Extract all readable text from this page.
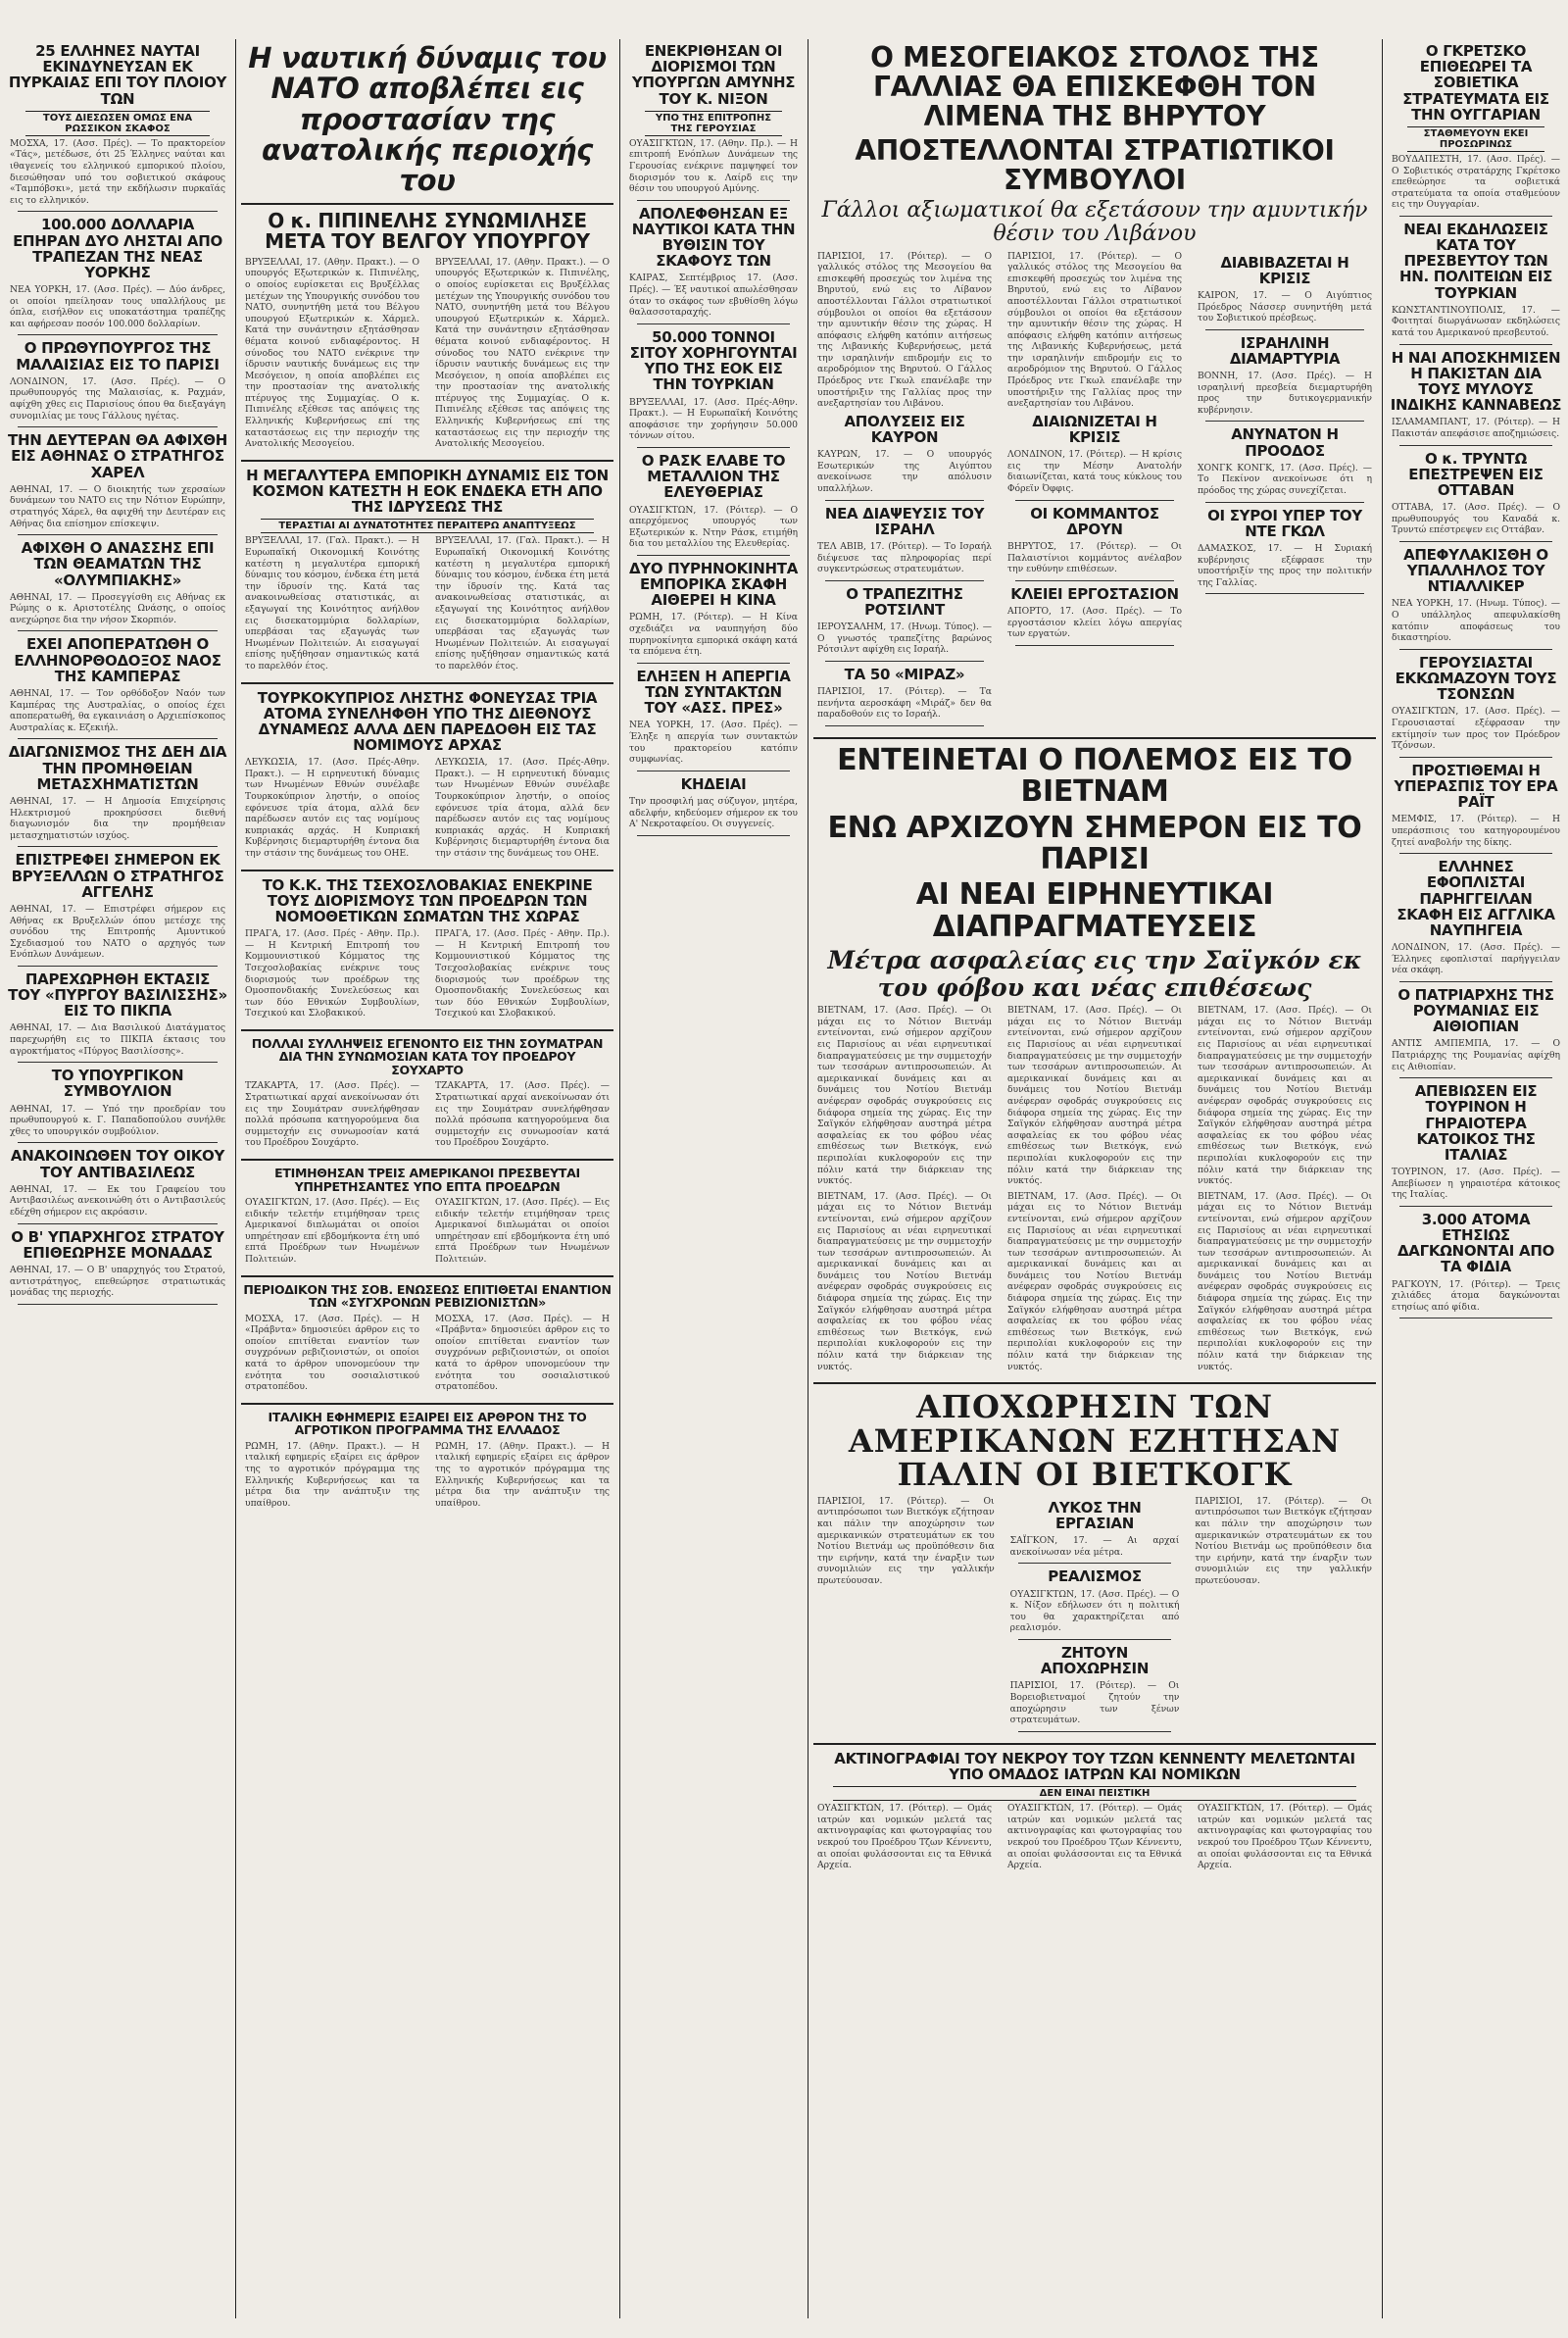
25 ΕΛΛΗΝΕΣ ΝΑΥΤΑΙ ΕΚΙΝΔΥΝΕΥΣΑΝ ΕΚ ΠΥΡΚΑΙΑΣ ΕΠΙ ΤΟΥ ΠΛΟΙΟΥ ΤΩΝ
ΤΟΥΣ ΔΙΕΣΩΣΕΝ ΟΜΩΣ ΕΝΑ ΡΩΣΣΙΚΟΝ ΣΚΑΦΟΣ
ΜΟΣΧΑ, 17. (Ασσ. Πρές). — Το πρακτορείον «Τάς», μετέδωσε, ότι 25 Έλληνες ναύται και ιθαγενείς του ελληνικού εμπορικού πλοίου, διεσώθησαν υπό του σοβιετικού σκάφους «Ταμπόβσκι», μετά την εκδήλωσιν πυρκαϊάς εις το ελληνικόν.
100.000 ΔΟΛΛΑΡΙΑ ΕΠΗΡΑΝ ΔΥΟ ΛΗΣΤΑΙ ΑΠΟ ΤΡΑΠΕΖΑΝ ΤΗΣ ΝΕΑΣ ΥΟΡΚΗΣ
ΝΕΑ ΥΟΡΚΗ, 17. (Ασσ. Πρές). — Δύο άνδρες, οι οποίοι ηπείλησαν τους υπαλλήλους με όπλα, εισήλθον εις υποκατάστημα τραπέζης και αφήρεσαν ποσόν 100.000 δολλαρίων.
Ο ΠΡΩΘΥΠΟΥΡΓΟΣ ΤΗΣ ΜΑΛΑΙΣΙΑΣ ΕΙΣ ΤΟ ΠΑΡΙΣΙ
ΛΟΝΔΙΝΟΝ, 17. (Ασσ. Πρές). — Ο πρωθυπουργός της Μαλαισίας, κ. Ραχμάν, αφίχθη χθες εις Παρισίους όπου θα διεξαγάγη συνομιλίας με τους Γάλλους ηγέτας.
ΤΗΝ ΔΕΥΤΕΡΑΝ ΘΑ ΑΦΙΧΘΗ ΕΙΣ ΑΘΗΝΑΣ Ο ΣΤΡΑΤΗΓΟΣ ΧΑΡΕΛ
ΑΘΗΝΑΙ, 17. — Ο διοικητής των χερσαίων δυνάμεων του ΝΑΤΟ εις την Νότιον Ευρώπην, στρατηγός Χάρελ, θα αφιχθή την Δευτέραν εις Αθήνας δια επίσημον επίσκεψιν.
ΑΦΙΧΘΗ Ο ΑΝΑΣΣΗΣ ΕΠΙ ΤΩΝ ΘΕΑΜΑΤΩΝ ΤΗΣ «ΟΛΥΜΠΙΑΚΗΣ»
ΑΘΗΝΑΙ, 17. — Προσεγγίσθη εις Αθήνας εκ Ρώμης ο κ. Αριστοτέλης Ωνάσης, ο οποίος ανεχώρησε δια την νήσον Σκορπιόν.
ΕΧΕΙ ΑΠΟΠΕΡΑΤΩΘΗ Ο ΕΛΛΗΝΟΡΘΟΔΟΞΟΣ ΝΑΟΣ ΤΗΣ ΚΑΜΠΕΡΑΣ
ΑΘΗΝΑΙ, 17. — Τον ορθόδοξον Ναόν των Καμπέρας της Αυστραλίας, ο οποίος έχει αποπερατωθή, θα εγκαινιάση ο Αρχιεπίσκοπος Αυστραλίας κ. Εζεκιήλ.
ΔΙΑΓΩΝΙΣΜΟΣ ΤΗΣ ΔΕΗ ΔΙΑ ΤΗΝ ΠΡΟΜΗΘΕΙΑΝ ΜΕΤΑΣΧΗΜΑΤΙΣΤΩΝ
ΑΘΗΝΑΙ, 17. — Η Δημοσία Επιχείρησις Ηλεκτρισμού προκηρύσσει διεθνή διαγωνισμόν δια την προμήθειαν μετασχηματιστών ισχύος.
ΕΠΙΣΤΡΕΦΕΙ ΣΗΜΕΡΟΝ ΕΚ ΒΡΥΞΕΛΛΩΝ Ο ΣΤΡΑΤΗΓΟΣ ΑΓΓΕΛΗΣ
ΑΘΗΝΑΙ, 17. — Επιστρέφει σήμερον εις Αθήνας εκ Βρυξελλών όπου μετέσχε της συνόδου της Επιτροπής Αμυντικού Σχεδιασμού του ΝΑΤΟ ο αρχηγός των Ενόπλων Δυνάμεων.
ΠΑΡΕΧΩΡΗΘΗ ΕΚΤΑΣΙΣ ΤΟΥ «ΠΥΡΓΟΥ ΒΑΣΙΛΙΣΣΗΣ» ΕΙΣ ΤΟ ΠΙΚΠΑ
ΑΘΗΝΑΙ, 17. — Δια Βασιλικού Διατάγματος παρεχωρήθη εις το ΠΙΚΠΑ έκτασις του αγροκτήματος «Πύργος Βασιλίσσης».
ΤΟ ΥΠΟΥΡΓΙΚΟΝ ΣΥΜΒΟΥΛΙΟΝ
ΑΘΗΝΑΙ, 17. — Υπό την προεδρίαν του πρωθυπουργού κ. Γ. Παπαδοπούλου συνήλθε χθες το υπουργικόν συμβούλιον.
ΑΝΑΚΟΙΝΩΘΕΝ ΤΟΥ ΟΙΚΟΥ ΤΟΥ ΑΝΤΙΒΑΣΙΛΕΩΣ
ΑΘΗΝΑΙ, 17. — Εκ του Γραφείου του Αντιβασιλέως ανεκοινώθη ότι ο Αντιβασιλεύς εδέχθη σήμερον εις ακρόασιν.
Ο Β' ΥΠΑΡΧΗΓΟΣ ΣΤΡΑΤΟΥ ΕΠΙΘΕΩΡΗΣΕ ΜΟΝΑΔΑΣ
ΑΘΗΝΑΙ, 17. — Ο Β' υπαρχηγός του Στρατού, αντιστράτηγος, επεθεώρησε στρατιωτικάς μονάδας της περιοχής.
Η ναυτική δύναμις του ΝΑΤΟ αποβλέπει εις προστασίαν της ανατολικής περιοχής του
Ο κ. ΠΙΠΙΝΕΛΗΣ ΣΥΝΩΜΙΛΗΣΕ ΜΕΤΑ ΤΟΥ ΒΕΛΓΟΥ ΥΠΟΥΡΓΟΥ
ΒΡΥΞΕΛΛΑΙ, 17. (Αθην. Πρακτ.). — Ο υπουργός Εξωτερικών κ. Πιπινέλης, ο οποίος ευρίσκεται εις Βρυξέλλας μετέχων της Υπουργικής συνόδου του ΝΑΤΟ, συνηντήθη μετά του Βέλγου υπουργού Εξωτερικών κ. Χάρμελ. Κατά την συνάντησιν εξητάσθησαν θέματα κοινού ενδιαφέροντος. Η σύνοδος του ΝΑΤΟ ενέκρινε την ίδρυσιν ναυτικής δυνάμεως εις την Μεσόγειον, η οποία αποβλέπει εις την προστασίαν της ανατολικής πτέρυγος της Συμμαχίας. Ο κ. Πιπινέλης εξέθεσε τας απόψεις της Ελληνικής Κυβερνήσεως επί της καταστάσεως εις την περιοχήν της Ανατολικής Μεσογείου.
ΒΡΥΞΕΛΛΑΙ, 17. (Αθην. Πρακτ.). — Ο υπουργός Εξωτερικών κ. Πιπινέλης, ο οποίος ευρίσκεται εις Βρυξέλλας μετέχων της Υπουργικής συνόδου του ΝΑΤΟ, συνηντήθη μετά του Βέλγου υπουργού Εξωτερικών κ. Χάρμελ. Κατά την συνάντησιν εξητάσθησαν θέματα κοινού ενδιαφέροντος. Η σύνοδος του ΝΑΤΟ ενέκρινε την ίδρυσιν ναυτικής δυνάμεως εις την Μεσόγειον, η οποία αποβλέπει εις την προστασίαν της ανατολικής πτέρυγος της Συμμαχίας. Ο κ. Πιπινέλης εξέθεσε τας απόψεις της Ελληνικής Κυβερνήσεως επί της καταστάσεως εις την περιοχήν της Ανατολικής Μεσογείου.
Η ΜΕΓΑΛΥΤΕΡΑ ΕΜΠΟΡΙΚΗ ΔΥΝΑΜΙΣ ΕΙΣ ΤΟΝ ΚΟΣΜΟΝ ΚΑΤΕΣΤΗ Η ΕΟΚ ΕΝΔΕΚΑ ΕΤΗ ΑΠΟ ΤΗΣ ΙΔΡΥΣΕΩΣ ΤΗΣ
ΤΕΡΑΣΤΙΑΙ ΑΙ ΔΥΝΑΤΟΤΗΤΕΣ ΠΕΡΑΙΤΕΡΩ ΑΝΑΠΤΥΞΕΩΣ
ΒΡΥΞΕΛΛΑΙ, 17. (Γαλ. Πρακτ.). — Η Ευρωπαϊκή Οικονομική Κοινότης κατέστη η μεγαλυτέρα εμπορική δύναμις του κόσμου, ένδεκα έτη μετά την ίδρυσίν της. Κατά τας ανακοινωθείσας στατιστικάς, αι εξαγωγαί της Κοινότητος ανήλθον εις δισεκατομμύρια δολλαρίων, υπερβάσαι τας εξαγωγάς των Ηνωμένων Πολιτειών. Αι εισαγωγαί επίσης ηυξήθησαν σημαντικώς κατά το παρελθόν έτος.
ΒΡΥΞΕΛΛΑΙ, 17. (Γαλ. Πρακτ.). — Η Ευρωπαϊκή Οικονομική Κοινότης κατέστη η μεγαλυτέρα εμπορική δύναμις του κόσμου, ένδεκα έτη μετά την ίδρυσίν της. Κατά τας ανακοινωθείσας στατιστικάς, αι εξαγωγαί της Κοινότητος ανήλθον εις δισεκατομμύρια δολλαρίων, υπερβάσαι τας εξαγωγάς των Ηνωμένων Πολιτειών. Αι εισαγωγαί επίσης ηυξήθησαν σημαντικώς κατά το παρελθόν έτος.
ΤΟΥΡΚΟΚΥΠΡΙΟΣ ΛΗΣΤΗΣ ΦΟΝΕΥΣΑΣ ΤΡΙΑ ΑΤΟΜΑ ΣΥΝΕΛΗΦΘΗ ΥΠΟ ΤΗΣ ΔΙΕΘΝΟΥΣ ΔΥΝΑΜΕΩΣ ΑΛΛΑ ΔΕΝ ΠΑΡΕΔΟΘΗ ΕΙΣ ΤΑΣ ΝΟΜΙΜΟΥΣ ΑΡΧΑΣ
ΛΕΥΚΩΣΙΑ, 17. (Ασσ. Πρές-Αθην. Πρακτ.). — Η ειρηνευτική δύναμις των Ηνωμένων Εθνών συνέλαβε Τουρκοκύπριον ληστήν, ο οποίος εφόνευσε τρία άτομα, αλλά δεν παρέδωσεν αυτόν εις τας νομίμους κυπριακάς αρχάς. Η Κυπριακή Κυβέρνησις διεμαρτυρήθη έντονα δια την στάσιν της δυνάμεως του ΟΗΕ.
ΛΕΥΚΩΣΙΑ, 17. (Ασσ. Πρές-Αθην. Πρακτ.). — Η ειρηνευτική δύναμις των Ηνωμένων Εθνών συνέλαβε Τουρκοκύπριον ληστήν, ο οποίος εφόνευσε τρία άτομα, αλλά δεν παρέδωσεν αυτόν εις τας νομίμους κυπριακάς αρχάς. Η Κυπριακή Κυβέρνησις διεμαρτυρήθη έντονα δια την στάσιν της δυνάμεως του ΟΗΕ.
ΤΟ Κ.Κ. ΤΗΣ ΤΣΕΧΟΣΛΟΒΑΚΙΑΣ ΕΝΕΚΡΙΝΕ ΤΟΥΣ ΔΙΟΡΙΣΜΟΥΣ ΤΩΝ ΠΡΟΕΔΡΩΝ ΤΩΝ ΝΟΜΟΘΕΤΙΚΩΝ ΣΩΜΑΤΩΝ ΤΗΣ ΧΩΡΑΣ
ΠΡΑΓΑ, 17. (Ασσ. Πρές - Αθην. Πρ.). — Η Κεντρική Επιτροπή του Κομμουνιστικού Κόμματος της Τσεχοσλοβακίας ενέκρινε τους διορισμούς των προέδρων της Ομοσπονδιακής Συνελεύσεως και των δύο Εθνικών Συμβουλίων, Τσεχικού και Σλοβακικού.
ΠΡΑΓΑ, 17. (Ασσ. Πρές - Αθην. Πρ.). — Η Κεντρική Επιτροπή του Κομμουνιστικού Κόμματος της Τσεχοσλοβακίας ενέκρινε τους διορισμούς των προέδρων της Ομοσπονδιακής Συνελεύσεως και των δύο Εθνικών Συμβουλίων, Τσεχικού και Σλοβακικού.
ΠΟΛΛΑΙ ΣΥΛΛΗΨΕΙΣ ΕΓΕΝΟΝΤΟ ΕΙΣ ΤΗΝ ΣΟΥΜΑΤΡΑΝ ΔΙΑ ΤΗΝ ΣΥΝΩΜΟΣΙΑΝ ΚΑΤΑ ΤΟΥ ΠΡΟΕΔΡΟΥ ΣΟΥΧΑΡΤΟ
ΤΖΑΚΑΡΤΑ, 17. (Ασσ. Πρές). — Στρατιωτικαί αρχαί ανεκοίνωσαν ότι εις την Σουμάτραν συνελήφθησαν πολλά πρόσωπα κατηγορούμενα δια συμμετοχήν εις συνωμοσίαν κατά του Προέδρου Σουχάρτο.
ΤΖΑΚΑΡΤΑ, 17. (Ασσ. Πρές). — Στρατιωτικαί αρχαί ανεκοίνωσαν ότι εις την Σουμάτραν συνελήφθησαν πολλά πρόσωπα κατηγορούμενα δια συμμετοχήν εις συνωμοσίαν κατά του Προέδρου Σουχάρτο.
ΕΤΙΜΗΘΗΣΑΝ ΤΡΕΙΣ ΑΜΕΡΙΚΑΝΟΙ ΠΡΕΣΒΕΥΤΑΙ ΥΠΗΡΕΤΗΣΑΝΤΕΣ ΥΠΟ ΕΠΤΑ ΠΡΟΕΔΡΩΝ
ΟΥΑΣΙΓΚΤΩΝ, 17. (Ασσ. Πρές). — Εις ειδικήν τελετήν ετιμήθησαν τρεις Αμερικανοί διπλωμάται οι οποίοι υπηρέτησαν επί εβδομήκοντα έτη υπό επτά Προέδρων των Ηνωμένων Πολιτειών.
ΟΥΑΣΙΓΚΤΩΝ, 17. (Ασσ. Πρές). — Εις ειδικήν τελετήν ετιμήθησαν τρεις Αμερικανοί διπλωμάται οι οποίοι υπηρέτησαν επί εβδομήκοντα έτη υπό επτά Προέδρων των Ηνωμένων Πολιτειών.
ΠΕΡΙΟΔΙΚΟΝ ΤΗΣ ΣΟΒ. ΕΝΩΣΕΩΣ ΕΠΙΤΙΘΕΤΑΙ ΕΝΑΝΤΙΟΝ ΤΩΝ «ΣΥΓΧΡΟΝΩΝ ΡΕΒΙΖΙΟΝΙΣΤΩΝ»
ΜΟΣΧΑ, 17. (Ασσ. Πρές). — Η «Πράβντα» δημοσιεύει άρθρον εις το οποίον επιτίθεται εναντίον των συγχρόνων ρεβιζιονιστών, οι οποίοι κατά το άρθρον υπονομεύουν την ενότητα του σοσιαλιστικού στρατοπέδου.
ΜΟΣΧΑ, 17. (Ασσ. Πρές). — Η «Πράβντα» δημοσιεύει άρθρον εις το οποίον επιτίθεται εναντίον των συγχρόνων ρεβιζιονιστών, οι οποίοι κατά το άρθρον υπονομεύουν την ενότητα του σοσιαλιστικού στρατοπέδου.
ΙΤΑΛΙΚΗ ΕΦΗΜΕΡΙΣ ΕΞΑΙΡΕΙ ΕΙΣ ΑΡΘΡΟΝ ΤΗΣ ΤΟ ΑΓΡΟΤΙΚΟΝ ΠΡΟΓΡΑΜΜΑ ΤΗΣ ΕΛΛΑΔΟΣ
ΡΩΜΗ, 17. (Αθην. Πρακτ.). — Η ιταλική εφημερίς εξαίρει εις άρθρον της το αγροτικόν πρόγραμμα της Ελληνικής Κυβερνήσεως και τα μέτρα δια την ανάπτυξιν της υπαίθρου.
ΡΩΜΗ, 17. (Αθην. Πρακτ.). — Η ιταλική εφημερίς εξαίρει εις άρθρον της το αγροτικόν πρόγραμμα της Ελληνικής Κυβερνήσεως και τα μέτρα δια την ανάπτυξιν της υπαίθρου.
ΕΝΕΚΡΙΘΗΣΑΝ ΟΙ ΔΙΟΡΙΣΜΟΙ ΤΩΝ ΥΠΟΥΡΓΩΝ ΑΜΥΝΗΣ ΤΟΥ Κ. ΝΙΞΟΝ
ΥΠΟ ΤΗΣ ΕΠΙΤΡΟΠΗΣ ΤΗΣ ΓΕΡΟΥΣΙΑΣ
ΟΥΑΣΙΓΚΤΩΝ, 17. (Αθην. Πρ.). — Η επιτροπή Ενόπλων Δυνάμεων της Γερουσίας ενέκρινε παμψηφεί τον διορισμόν του κ. Λαίρδ εις την θέσιν του υπουργού Αμύνης.
ΑΠΟΛΕΦΘΗΣΑΝ ΕΞ ΝΑΥΤΙΚΟΙ ΚΑΤΑ ΤΗΝ ΒΥΘΙΣΙΝ ΤΟΥ ΣΚΑΦΟΥΣ ΤΩΝ
ΚΑΙΡΑΣ, Σεπτέμβριος 17. (Ασσ. Πρές). — Έξ ναυτικοί απωλέσθησαν όταν το σκάφος των εβυθίσθη λόγω θαλασσοταραχής.
50.000 ΤΟΝΝΟΙ ΣΙΤΟΥ ΧΟΡΗΓΟΥΝΤΑΙ ΥΠΟ ΤΗΣ ΕΟΚ ΕΙΣ ΤΗΝ ΤΟΥΡΚΙΑΝ
ΒΡΥΞΕΛΛΑΙ, 17. (Ασσ. Πρές-Αθην. Πρακτ.). — Η Ευρωπαϊκή Κοινότης αποφάσισε την χορήγησιν 50.000 τόννων σίτου.
Ο ΡΑΣΚ ΕΛΑΒΕ ΤΟ ΜΕΤΑΛΛΙΟΝ ΤΗΣ ΕΛΕΥΘΕΡΙΑΣ
ΟΥΑΣΙΓΚΤΩΝ, 17. (Ρόιτερ). — Ο απερχόμενος υπουργός των Εξωτερικών κ. Ντην Ράσκ, ετιμήθη δια του μεταλλίου της Ελευθερίας.
ΔΥΟ ΠΥΡΗΝΟΚΙΝΗΤΑ ΕΜΠΟΡΙΚΑ ΣΚΑΦΗ ΑΙΘΕΡΕΙ Η ΚΙΝΑ
ΡΩΜΗ, 17. (Ρόιτερ). — Η Κίνα σχεδιάζει να ναυπηγήση δύο πυρηνοκίνητα εμπορικά σκάφη κατά τα επόμενα έτη.
ΕΛΗΞΕΝ Η ΑΠΕΡΓΙΑ ΤΩΝ ΣΥΝΤΑΚΤΩΝ ΤΟΥ «ΑΣΣ. ΠΡΕΣ»
ΝΕΑ ΥΟΡΚΗ, 17. (Ασσ. Πρές). — Έληξε η απεργία των συντακτών του πρακτορείου κατόπιν συμφωνίας.
ΚΗΔΕΙΑΙ
Την προσφιλή μας σύζυγον, μητέρα, αδελφήν, κηδεύομεν σήμερον εκ του Α' Νεκροταφείου. Οι συγγενείς.
Ο ΜΕΣΟΓΕΙΑΚΟΣ ΣΤΟΛΟΣ ΤΗΣ ΓΑΛΛΙΑΣ ΘΑ ΕΠΙΣΚΕΦΘΗ ΤΟΝ ΛΙΜΕΝΑ ΤΗΣ ΒΗΡΥΤΟΥ
ΑΠΟΣΤΕΛΛΟΝΤΑΙ ΣΤΡΑΤΙΩΤΙΚΟΙ ΣΥΜΒΟΥΛΟΙ
Γάλλοι αξιωματικοί θα εξετάσουν την αμυντικήν θέσιν του Λιβάνου
ΠΑΡΙΣΙΟΙ, 17. (Ρόιτερ). — Ο γαλλικός στόλος της Μεσογείου θα επισκεφθή προσεχώς τον λιμένα της Βηρυτού, ενώ εις το Λίβανον αποστέλλονται Γάλλοι στρατιωτικοί σύμβουλοι οι οποίοι θα εξετάσουν την αμυντικήν θέσιν της χώρας. Η απόφασις ελήφθη κατόπιν αιτήσεως της Λιβανικής Κυβερνήσεως, μετά την ισραηλινήν επιδρομήν εις το αεροδρόμιον της Βηρυτού. Ο Γάλλος Πρόεδρος ντε Γκωλ επανέλαβε την υποστήριξιν της Γαλλίας προς την ανεξαρτησίαν του Λιβάνου.
ΑΠΟΛΥΣΕΙΣ ΕΙΣ ΚΑΥΡΟΝ
ΚΑΥΡΩΝ, 17. — Ο υπουργός Εσωτερικών της Αιγύπτου ανεκοίνωσε την απόλυσιν υπαλλήλων.
ΝΕΑ ΔΙΑΨΕΥΣΙΣ ΤΟΥ ΙΣΡΑΗΛ
ΤΕΛ ΑΒΙΒ, 17. (Ρόιτερ). — Το Ισραήλ διέψευσε τας πληροφορίας περί συγκεντρώσεως στρατευμάτων.
Ο ΤΡΑΠΕΖΙΤΗΣ ΡΟΤΣΙΛΝΤ
ΙΕΡΟΥΣΑΛΗΜ, 17. (Ηνωμ. Τύπος). — Ο γνωστός τραπεζίτης βαρώνος Ρότσιλντ αφίχθη εις Ισραήλ.
ΤΑ 50 «ΜΙΡΑΖ»
ΠΑΡΙΣΙΟΙ, 17. (Ρόιτερ). — Τα πενήντα αεροσκάφη «Μιράζ» δεν θα παραδοθούν εις το Ισραήλ.
ΠΑΡΙΣΙΟΙ, 17. (Ρόιτερ). — Ο γαλλικός στόλος της Μεσογείου θα επισκεφθή προσεχώς τον λιμένα της Βηρυτού, ενώ εις το Λίβανον αποστέλλονται Γάλλοι στρατιωτικοί σύμβουλοι οι οποίοι θα εξετάσουν την αμυντικήν θέσιν της χώρας. Η απόφασις ελήφθη κατόπιν αιτήσεως της Λιβανικής Κυβερνήσεως, μετά την ισραηλινήν επιδρομήν εις το αεροδρόμιον της Βηρυτού. Ο Γάλλος Πρόεδρος ντε Γκωλ επανέλαβε την υποστήριξιν της Γαλλίας προς την ανεξαρτησίαν του Λιβάνου.
ΔΙΑΙΩΝΙΖΕΤΑΙ Η ΚΡΙΣΙΣ
ΛΟΝΔΙΝΟΝ, 17. (Ρόιτερ). — Η κρίσις εις την Μέσην Ανατολήν διαιωνίζεται, κατά τους κύκλους του Φόρεϊν Όφφις.
ΟΙ ΚΟΜΜΑΝΤΟΣ ΔΡΟΥΝ
ΒΗΡΥΤΟΣ, 17. (Ρόιτερ). — Οι Παλαιστίνιοι κομμάντος ανέλαβον την ευθύνην επιθέσεων.
ΚΛΕΙΕΙ ΕΡΓΟΣΤΑΣΙΟΝ
ΑΠΟΡΤΟ, 17. (Ασσ. Πρές). — Το εργοστάσιον κλείει λόγω απεργίας των εργατών.
ΔΙΑΒΙΒΑΖΕΤΑΙ Η ΚΡΙΣΙΣ
ΚΑΙΡΟΝ, 17. — Ο Αιγύπτιος Πρόεδρος Νάσσερ συνηντήθη μετά του Σοβιετικού πρέσβεως.
ΙΣΡΑΗΛΙΝΗ ΔΙΑΜΑΡΤΥΡΙΑ
ΒΟΝΝΗ, 17. (Ασσ. Πρές). — Η ισραηλινή πρεσβεία διεμαρτυρήθη προς την δυτικογερμανικήν κυβέρνησιν.
ΑΝΥΝΑΤΟΝ Η ΠΡΟΟΔΟΣ
ΧΟΝΓΚ ΚΟΝΓΚ, 17. (Ασσ. Πρές). — Το Πεκίνον ανεκοίνωσε ότι η πρόοδος της χώρας συνεχίζεται.
ΟΙ ΣΥΡΟΙ ΥΠΕΡ ΤΟΥ ΝΤΕ ΓΚΩΛ
ΔΑΜΑΣΚΟΣ, 17. — Η Συριακή κυβέρνησις εξέφρασε την υποστήριξίν της προς την πολιτικήν της Γαλλίας.
ΕΝΤΕΙΝΕΤΑΙ Ο ΠΟΛΕΜΟΣ ΕΙΣ ΤΟ ΒΙΕΤΝΑΜ
ΕΝΩ ΑΡΧΙΖΟΥΝ ΣΗΜΕΡΟΝ ΕΙΣ ΤΟ ΠΑΡΙΣΙ
ΑΙ ΝΕΑΙ ΕΙΡΗΝΕΥΤΙΚΑΙ ΔΙΑΠΡΑΓΜΑΤΕΥΣΕΙΣ
Μέτρα ασφαλείας εις την Σαϊγκόν εκ του φόβου και νέας επιθέσεως
ΒΙΕΤΝΑΜ, 17. (Ασσ. Πρές). — Οι μάχαι εις το Νότιον Βιετνάμ εντείνονται, ενώ σήμερον αρχίζουν εις Παρισίους αι νέαι ειρηνευτικαί διαπραγματεύσεις με την συμμετοχήν των τεσσάρων αντιπροσωπειών. Αι αμερικανικαί δυνάμεις και αι δυνάμεις του Νοτίου Βιετνάμ ανέφεραν σφοδράς συγκρούσεις εις διάφορα σημεία της χώρας. Εις την Σαϊγκόν ελήφθησαν αυστηρά μέτρα ασφαλείας εκ του φόβου νέας επιθέσεως των Βιετκόγκ, ενώ περιπολίαι κυκλοφορούν εις την πόλιν κατά την διάρκειαν της νυκτός.
ΒΙΕΤΝΑΜ, 17. (Ασσ. Πρές). — Οι μάχαι εις το Νότιον Βιετνάμ εντείνονται, ενώ σήμερον αρχίζουν εις Παρισίους αι νέαι ειρηνευτικαί διαπραγματεύσεις με την συμμετοχήν των τεσσάρων αντιπροσωπειών. Αι αμερικανικαί δυνάμεις και αι δυνάμεις του Νοτίου Βιετνάμ ανέφεραν σφοδράς συγκρούσεις εις διάφορα σημεία της χώρας. Εις την Σαϊγκόν ελήφθησαν αυστηρά μέτρα ασφαλείας εκ του φόβου νέας επιθέσεως των Βιετκόγκ, ενώ περιπολίαι κυκλοφορούν εις την πόλιν κατά την διάρκειαν της νυκτός.
ΒΙΕΤΝΑΜ, 17. (Ασσ. Πρές). — Οι μάχαι εις το Νότιον Βιετνάμ εντείνονται, ενώ σήμερον αρχίζουν εις Παρισίους αι νέαι ειρηνευτικαί διαπραγματεύσεις με την συμμετοχήν των τεσσάρων αντιπροσωπειών. Αι αμερικανικαί δυνάμεις και αι δυνάμεις του Νοτίου Βιετνάμ ανέφεραν σφοδράς συγκρούσεις εις διάφορα σημεία της χώρας. Εις την Σαϊγκόν ελήφθησαν αυστηρά μέτρα ασφαλείας εκ του φόβου νέας επιθέσεως των Βιετκόγκ, ενώ περιπολίαι κυκλοφορούν εις την πόλιν κατά την διάρκειαν της νυκτός.
ΒΙΕΤΝΑΜ, 17. (Ασσ. Πρές). — Οι μάχαι εις το Νότιον Βιετνάμ εντείνονται, ενώ σήμερον αρχίζουν εις Παρισίους αι νέαι ειρηνευτικαί διαπραγματεύσεις με την συμμετοχήν των τεσσάρων αντιπροσωπειών. Αι αμερικανικαί δυνάμεις και αι δυνάμεις του Νοτίου Βιετνάμ ανέφεραν σφοδράς συγκρούσεις εις διάφορα σημεία της χώρας. Εις την Σαϊγκόν ελήφθησαν αυστηρά μέτρα ασφαλείας εκ του φόβου νέας επιθέσεως των Βιετκόγκ, ενώ περιπολίαι κυκλοφορούν εις την πόλιν κατά την διάρκειαν της νυκτός.
ΒΙΕΤΝΑΜ, 17. (Ασσ. Πρές). — Οι μάχαι εις το Νότιον Βιετνάμ εντείνονται, ενώ σήμερον αρχίζουν εις Παρισίους αι νέαι ειρηνευτικαί διαπραγματεύσεις με την συμμετοχήν των τεσσάρων αντιπροσωπειών. Αι αμερικανικαί δυνάμεις και αι δυνάμεις του Νοτίου Βιετνάμ ανέφεραν σφοδράς συγκρούσεις εις διάφορα σημεία της χώρας. Εις την Σαϊγκόν ελήφθησαν αυστηρά μέτρα ασφαλείας εκ του φόβου νέας επιθέσεως των Βιετκόγκ, ενώ περιπολίαι κυκλοφορούν εις την πόλιν κατά την διάρκειαν της νυκτός.
ΒΙΕΤΝΑΜ, 17. (Ασσ. Πρές). — Οι μάχαι εις το Νότιον Βιετνάμ εντείνονται, ενώ σήμερον αρχίζουν εις Παρισίους αι νέαι ειρηνευτικαί διαπραγματεύσεις με την συμμετοχήν των τεσσάρων αντιπροσωπειών. Αι αμερικανικαί δυνάμεις και αι δυνάμεις του Νοτίου Βιετνάμ ανέφεραν σφοδράς συγκρούσεις εις διάφορα σημεία της χώρας. Εις την Σαϊγκόν ελήφθησαν αυστηρά μέτρα ασφαλείας εκ του φόβου νέας επιθέσεως των Βιετκόγκ, ενώ περιπολίαι κυκλοφορούν εις την πόλιν κατά την διάρκειαν της νυκτός.
ΑΠΟΧΩΡΗΣΙΝ ΤΩΝ ΑΜΕΡΙΚΑΝΩΝ ΕΖΗΤΗΣΑΝ ΠΑΛΙΝ ΟΙ ΒΙΕΤΚΟΓΚ
ΠΑΡΙΣΙΟΙ, 17. (Ρόιτερ). — Οι αντιπρόσωποι των Βιετκόγκ εζήτησαν και πάλιν την αποχώρησιν των αμερικανικών στρατευμάτων εκ του Νοτίου Βιετνάμ ως προϋπόθεσιν δια την ειρήνην, κατά την έναρξιν των συνομιλιών εις την γαλλικήν πρωτεύουσαν.
ΛΥΚΟΣ ΤΗΝ ΕΡΓΑΣΙΑΝ
ΣΑΪΓΚΟΝ, 17. — Αι αρχαί ανεκοίνωσαν νέα μέτρα.
ΡΕΑΛΙΣΜΟΣ
ΟΥΑΣΙΓΚΤΩΝ, 17. (Ασσ. Πρές). — Ο κ. Νίξον εδήλωσεν ότι η πολιτική του θα χαρακτηρίζεται από ρεαλισμόν.
ΖΗΤΟΥΝ ΑΠΟΧΩΡΗΣΙΝ
ΠΑΡΙΣΙΟΙ, 17. (Ρόιτερ). — Οι Βορειοβιετναμοί ζητούν την αποχώρησιν των ξένων στρατευμάτων.
ΠΑΡΙΣΙΟΙ, 17. (Ρόιτερ). — Οι αντιπρόσωποι των Βιετκόγκ εζήτησαν και πάλιν την αποχώρησιν των αμερικανικών στρατευμάτων εκ του Νοτίου Βιετνάμ ως προϋπόθεσιν δια την ειρήνην, κατά την έναρξιν των συνομιλιών εις την γαλλικήν πρωτεύουσαν.
ΑΚΤΙΝΟΓΡΑΦΙΑΙ ΤΟΥ ΝΕΚΡΟΥ ΤΟΥ ΤΖΩΝ ΚΕΝΝΕΝΤΥ ΜΕΛΕΤΩΝΤΑΙ ΥΠΟ ΟΜΑΔΟΣ ΙΑΤΡΩΝ ΚΑΙ ΝΟΜΙΚΩΝ
ΔΕΝ ΕΙΝΑΙ ΠΕΙΣΤΙΚΗ
ΟΥΑΣΙΓΚΤΩΝ, 17. (Ρόιτερ). — Ομάς ιατρών και νομικών μελετά τας ακτινογραφίας και φωτογραφίας του νεκρού του Προέδρου Τζων Κέννεντυ, αι οποίαι φυλάσσονται εις τα Εθνικά Αρχεία.
ΟΥΑΣΙΓΚΤΩΝ, 17. (Ρόιτερ). — Ομάς ιατρών και νομικών μελετά τας ακτινογραφίας και φωτογραφίας του νεκρού του Προέδρου Τζων Κέννεντυ, αι οποίαι φυλάσσονται εις τα Εθνικά Αρχεία.
ΟΥΑΣΙΓΚΤΩΝ, 17. (Ρόιτερ). — Ομάς ιατρών και νομικών μελετά τας ακτινογραφίας και φωτογραφίας του νεκρού του Προέδρου Τζων Κέννεντυ, αι οποίαι φυλάσσονται εις τα Εθνικά Αρχεία.
Ο ΓΚΡΕΤΣΚΟ ΕΠΙΘΕΩΡΕΙ ΤΑ ΣΟΒΙΕΤΙΚΑ ΣΤΡΑΤΕΥΜΑΤΑ ΕΙΣ ΤΗΝ ΟΥΓΓΑΡΙΑΝ
ΣΤΑΘΜΕΥΟΥΝ ΕΚΕΙ ΠΡΟΣΩΡΙΝΩΣ
ΒΟΥΔΑΠΕΣΤΗ, 17. (Ασσ. Πρές). — Ο Σοβιετικός στρατάρχης Γκρέτσκο επεθεώρησε τα σοβιετικά στρατεύματα τα οποία σταθμεύουν εις την Ουγγαρίαν.
ΝΕΑΙ ΕΚΔΗΛΩΣΕΙΣ ΚΑΤΑ ΤΟΥ ΠΡΕΣΒΕΥΤΟΥ ΤΩΝ ΗΝ. ΠΟΛΙΤΕΙΩΝ ΕΙΣ ΤΟΥΡΚΙΑΝ
ΚΩΝΣΤΑΝΤΙΝΟΥΠΟΛΙΣ, 17. — Φοιτηταί διωργάνωσαν εκδηλώσεις κατά του Αμερικανού πρεσβευτού.
Η ΝΑΙ ΑΠΟΣΚΗΜΙΣΕΝ Η ΠΑΚΙΣΤΑΝ ΔΙΑ ΤΟΥΣ ΜΥΛΟΥΣ ΙΝΔΙΚΗΣ ΚΑΝΝΑΒΕΩΣ
ΙΣΛΑΜΑΜΠΑΝΤ, 17. (Ρόιτερ). — Η Πακιστάν απεφάσισε αποζημιώσεις.
Ο κ. ΤΡΥΝΤΩ ΕΠΕΣΤΡΕΨΕΝ ΕΙΣ ΟΤΤΑΒΑΝ
ΟΤΤΑΒΑ, 17. (Ασσ. Πρές). — Ο πρωθυπουργός του Καναδά κ. Τρυντώ επέστρεψεν εις Οττάβαν.
ΑΠΕΦΥΛΑΚΙΣΘΗ Ο ΥΠΑΛΛΗΛΟΣ ΤΟΥ ΝΤΙΑΛΛΙΚΕΡ
ΝΕΑ ΥΟΡΚΗ, 17. (Ηνωμ. Τύπος). — Ο υπάλληλος απεφυλακίσθη κατόπιν αποφάσεως του δικαστηρίου.
ΓΕΡΟΥΣΙΑΣΤΑΙ ΕΚΚΩΜΑΖΟΥΝ ΤΟΥΣ ΤΣΟΝΣΩΝ
ΟΥΑΣΙΓΚΤΩΝ, 17. (Ασσ. Πρές). — Γερουσιασταί εξέφρασαν την εκτίμησίν των προς τον Πρόεδρον Τζόνσων.
ΠΡΟΣΤΙΘΕΜΑΙ Η ΥΠΕΡΑΣΠΙΣ ΤΟΥ ΕΡΑ ΡΑΪΤ
ΜΕΜΦΙΣ, 17. (Ρόιτερ). — Η υπεράσπισις του κατηγορουμένου ζητεί αναβολήν της δίκης.
ΕΛΛΗΝΕΣ ΕΦΟΠΛΙΣΤΑΙ ΠΑΡΗΓΓΕΙΛΑΝ ΣΚΑΦΗ ΕΙΣ ΑΓΓΛΙΚΑ ΝΑΥΠΗΓΕΙΑ
ΛΟΝΔΙΝΟΝ, 17. (Ασσ. Πρές). — Έλληνες εφοπλισταί παρήγγειλαν νέα σκάφη.
Ο ΠΑΤΡΙΑΡΧΗΣ ΤΗΣ ΡΟΥΜΑΝΙΑΣ ΕΙΣ ΑΙΘΙΟΠΙΑΝ
ΑΝΤΙΣ ΑΜΠΕΜΠΑ, 17. — Ο Πατριάρχης της Ρουμανίας αφίχθη εις Αιθιοπίαν.
ΑΠΕΒΙΩΣΕΝ ΕΙΣ ΤΟΥΡΙΝΟΝ Η ΓΗΡΑΙΟΤΕΡΑ ΚΑΤΟΙΚΟΣ ΤΗΣ ΙΤΑΛΙΑΣ
ΤΟΥΡΙΝΟΝ, 17. (Ασσ. Πρές). — Απεβίωσεν η γηραιοτέρα κάτοικος της Ιταλίας.
3.000 ΑΤΟΜΑ ΕΤΗΣΙΩΣ ΔΑΓΚΩΝΟΝΤΑΙ ΑΠΟ ΤΑ ΦΙΔΙΑ
ΡΑΓΚΟΥΝ, 17. (Ρόιτερ). — Τρεις χιλιάδες άτομα δαγκώνονται ετησίως από φίδια.
